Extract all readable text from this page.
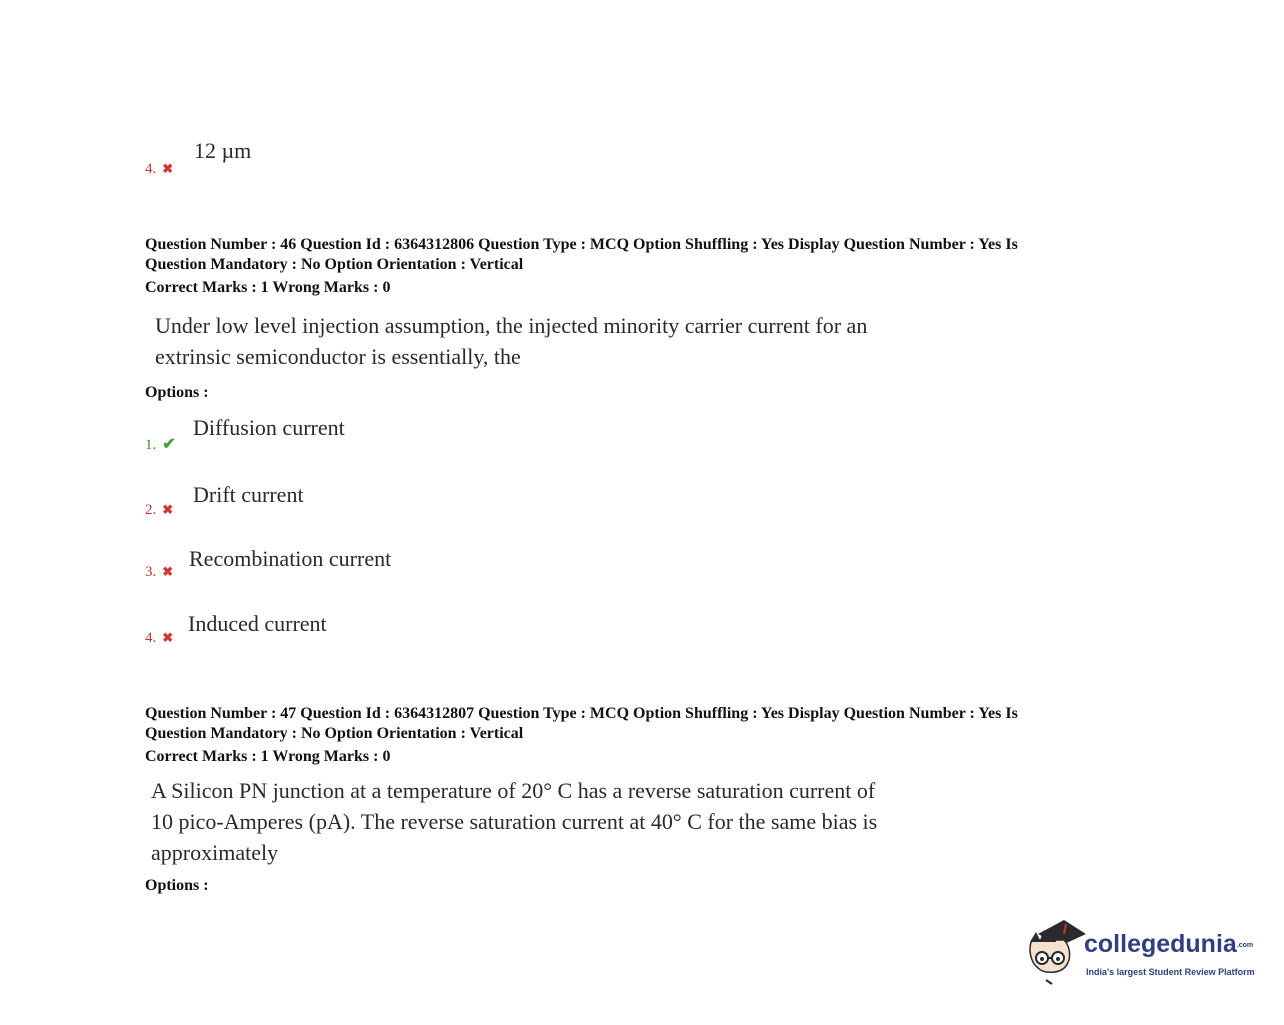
4. ✖
12 µm
Question Number : 46 Question Id : 6364312806 Question Type : MCQ Option Shuffling : Yes Display Question Number : Yes Is
Question Mandatory : No Option Orientation : Vertical
Correct Marks : 1 Wrong Marks : 0
Under low level injection assumption, the injected minority carrier current for an
extrinsic semiconductor is essentially, the
Options :
1. ✔
Diffusion current
2. ✖
Drift current
3. ✖
Recombination current
4. ✖
Induced current
Question Number : 47 Question Id : 6364312807 Question Type : MCQ Option Shuffling : Yes Display Question Number : Yes Is
Question Mandatory : No Option Orientation : Vertical
Correct Marks : 1 Wrong Marks : 0
A Silicon PN junction at a temperature of 20° C has a reverse saturation current of
10 pico-Amperes (pA). The reverse saturation current at 40° C for the same bias is
approximately
Options :
collegedunia.com
India's largest Student Review Platform
